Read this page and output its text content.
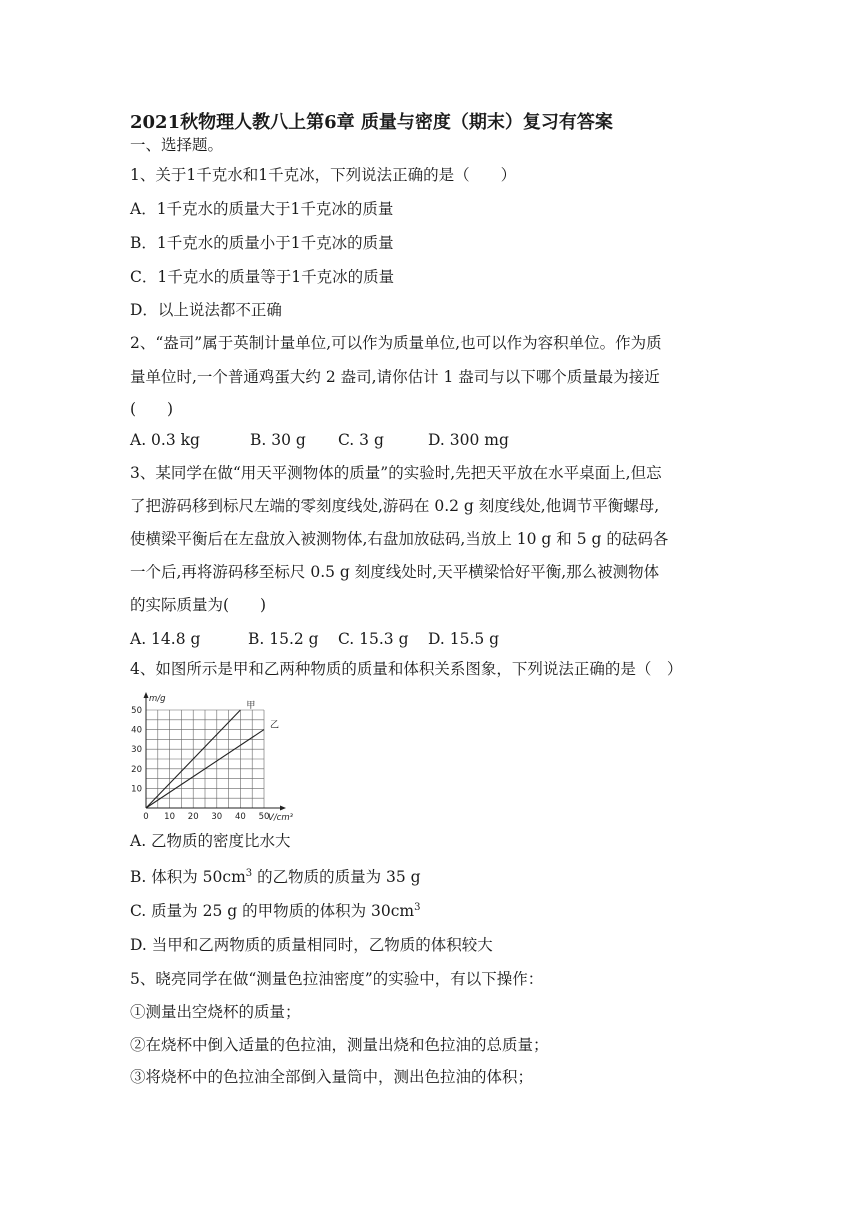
2021秋物理人教八上第6章 质量与密度（期末）复习有答案
一、选择题。
1、关于1千克水和1千克冰，下列说法正确的是（　　）
A．1千克水的质量大于1千克冰的质量
B．1千克水的质量小于1千克冰的质量
C．1千克水的质量等于1千克冰的质量
D．以上说法都不正确
2、“盎司”属于英制计量单位,可以作为质量单位,也可以作为容积单位。作为质
量单位时,一个普通鸡蛋大约 2 盎司,请你估计 1 盎司与以下哪个质量最为接近
(　　)
A. 0.3 kg	B. 30 g C. 3 g	D. 300 mg
3、某同学在做“用天平测物体的质量”的实验时,先把天平放在水平桌面上,但忘
了把游码移到标尺左端的零刻度线处,游码在 0.2 g 刻度线处,他调节平衡螺母,
使横梁平衡后在左盘放入被测物体,右盘加放砝码,当放上 10 g 和 5 g 的砝码各
一个后,再将游码移至标尺 0.5 g 刻度线处时,天平横梁恰好平衡,那么被测物体
的实际质量为(　　)
A. 14.8 g	B. 15.2 g C. 15.3 g D. 15.5 g
4、如图所示是甲和乙两种物质的质量和体积关系图象，下列说法正确的是（　）
0 10 20 30 40 50
10
20
30
40
50
m/g
V/cm³
甲
乙
A. 乙物质的密度比水大
B. 体积为 $50cm^3$ 的乙物质的质量为 35 g
C. 质量为 25 g 的甲物质的体积为 $30cm^3$
D. 当甲和乙两物质的质量相同时，乙物质的体积较大
5、晓亮同学在做“测量色拉油密度”的实验中，有以下操作：
①测量出空烧杯的质量；
②在烧杯中倒入适量的色拉油，测量出烧和色拉油的总质量；
③将烧杯中的色拉油全部倒入量筒中，测出色拉油的体积；
